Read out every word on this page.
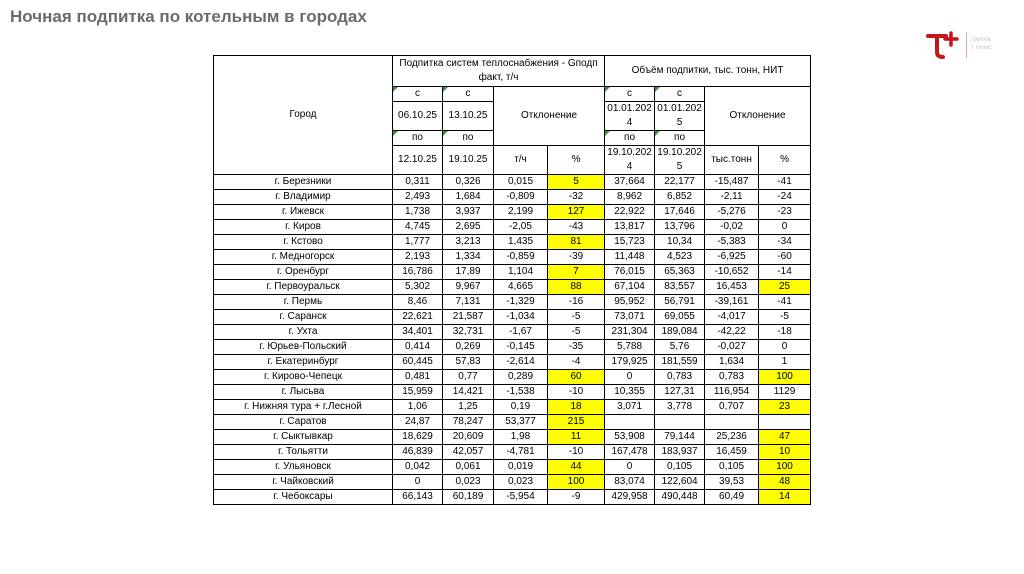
Ночная подпитка по котельным в городах
группа
т плюс
Город	Подпитка систем теплоснабжения - Gподп факт, т/ч				Объём подпитки, тыс. тонн, НИТ			
	с	с	Отклонение		с	с	Отклонение	
	06.10.25	13.10.25			01.01.2024	01.01.2025		
	по	по			по	по		
	12.10.25	19.10.25	т/ч	%	19.10.2024	19.10.2025	тыс.тонн	%
г. Березники	0,311	0,326	0,015	5	37,664	22,177	-15,487	-41
г. Владимир	2,493	1,684	-0,809	-32	8,962	6,852	-2,11	-24
г. Ижевск	1,738	3,937	2,199	127	22,922	17,646	-5,276	-23
г. Киров	4,745	2,695	-2,05	-43	13,817	13,796	-0,02	0
г. Кстово	1,777	3,213	1,435	81	15,723	10,34	-5,383	-34
г. Медногорск	2,193	1,334	-0,859	-39	11,448	4,523	-6,925	-60
г. Оренбург	16,786	17,89	1,104	7	76,015	65,363	-10,652	-14
г. Первоуральск	5,302	9,967	4,665	88	67,104	83,557	16,453	25
г. Пермь	8,46	7,131	-1,329	-16	95,952	56,791	-39,161	-41
г. Саранск	22,621	21,587	-1,034	-5	73,071	69,055	-4,017	-5
г. Ухта	34,401	32,731	-1,67	-5	231,304	189,084	-42,22	-18
г. Юрьев-Польский	0,414	0,269	-0,145	-35	5,788	5,76	-0,027	0
г. Екатеринбург	60,445	57,83	-2,614	-4	179,925	181,559	1,634	1
г. Кирово-Чепецк	0,481	0,77	0,289	60	0	0,783	0,783	100
г. Лысьва	15,959	14,421	-1,538	-10	10,355	127,31	116,954	1129
г. Нижняя тура + г.Лесной	1,06	1,25	0,19	18	3,071	3,778	0,707	23
г. Саратов	24,87	78,247	53,377	215				
г. Сыктывкар	18,629	20,609	1,98	11	53,908	79,144	25,236	47
г. Тольятти	46,839	42,057	-4,781	-10	167,478	183,937	16,459	10
г. Ульяновск	0,042	0,061	0,019	44	0	0,105	0,105	100
г. Чайковский	0	0,023	0,023	100	83,074	122,604	39,53	48
г. Чебоксары	66,143	60,189	-5,954	-9	429,958	490,448	60,49	14
